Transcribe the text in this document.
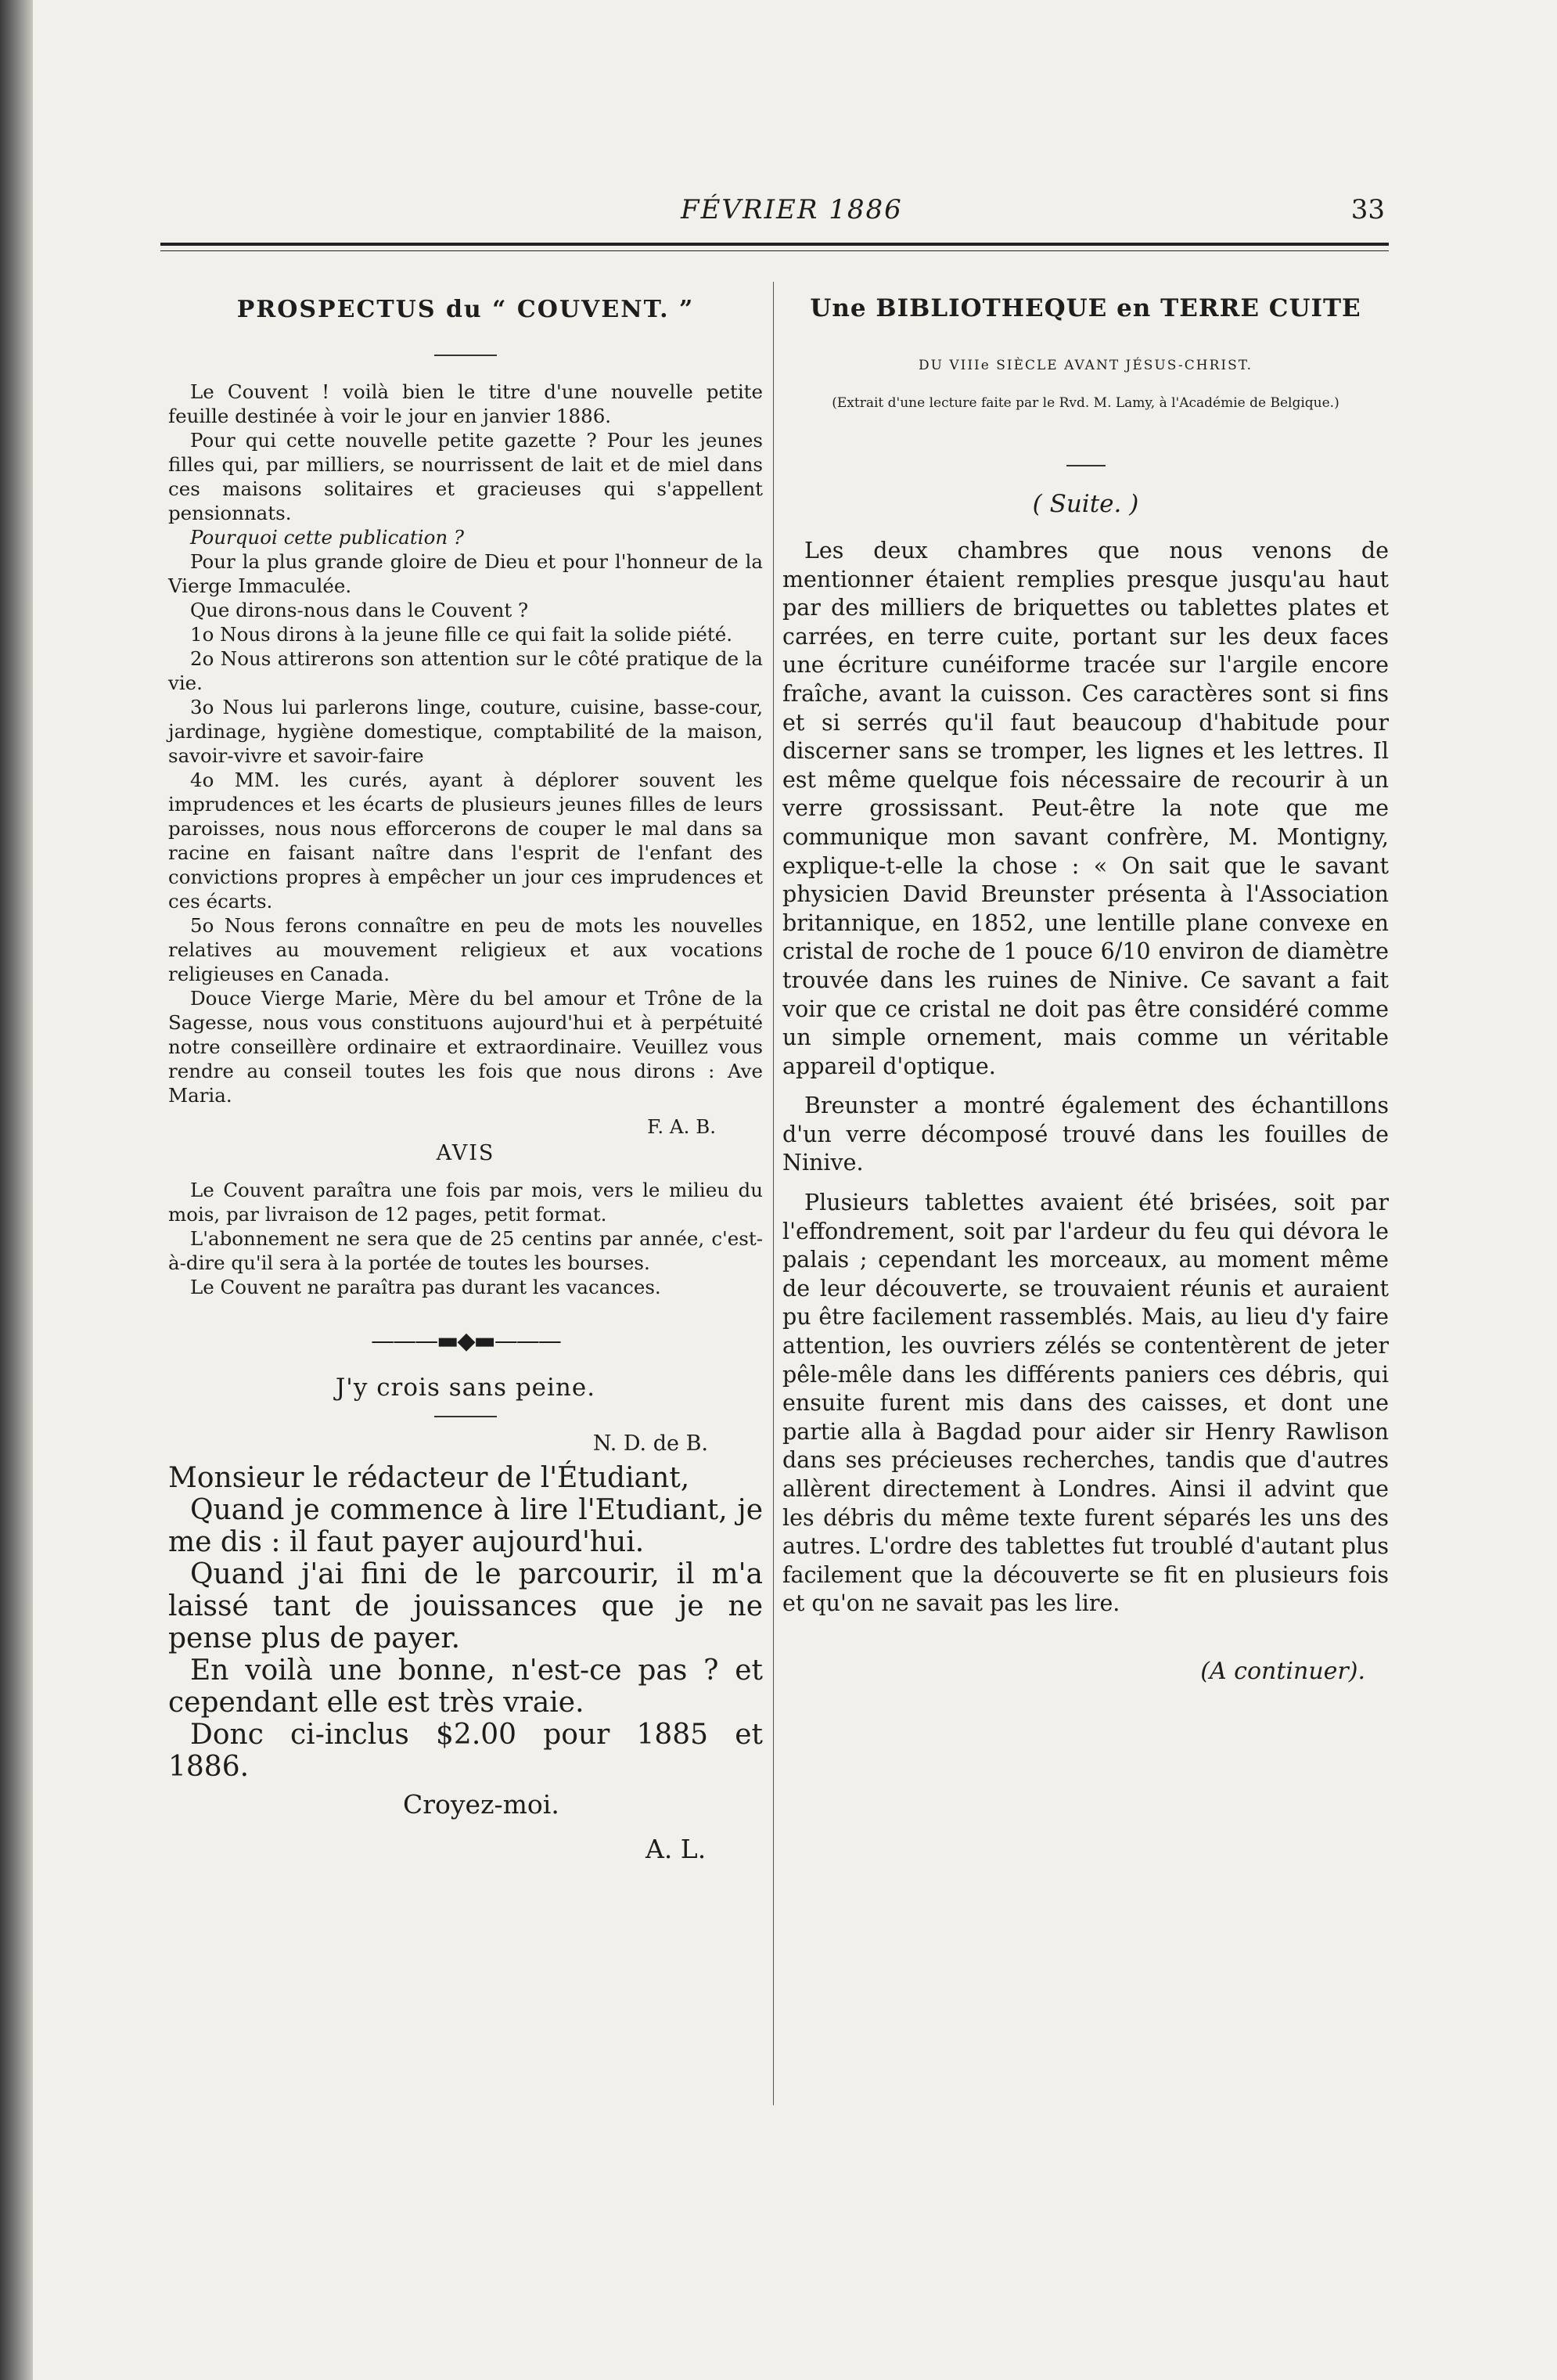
FÉVRIER 1886	33
PROSPECTUS du “ COUVENT. ”

Le Couvent ! voilà bien le titre d'une nouvelle petite feuille destinée à voir le jour en janvier 1886.

Pour qui cette nouvelle petite gazette ? Pour les jeunes filles qui, par milliers, se nourrissent de lait et de miel dans ces maisons solitaires et gracieuses qui s'appellent pensionnats.

Pourquoi cette publication ?

Pour la plus grande gloire de Dieu et pour l'honneur de la Vierge Immaculée.

Que dirons-nous dans le Couvent ?

1o Nous dirons à la jeune fille ce qui fait la solide piété.

2o Nous attirerons son attention sur le côté pratique de la vie.

3o Nous lui parlerons linge, couture, cuisine, basse-cour, jardinage, hygiène domestique, comptabilité de la maison, savoir-vivre et savoir-faire

4o MM. les curés, ayant à déplorer souvent les imprudences et les écarts de plusieurs jeunes filles de leurs paroisses, nous nous efforcerons de couper le mal dans sa racine en faisant naître dans l'esprit de l'enfant des convictions propres à empêcher un jour ces imprudences et ces écarts.

5o Nous ferons connaître en peu de mots les nouvelles relatives au mouvement religieux et aux vocations religieuses en Canada.

Douce Vierge Marie, Mère du bel amour et Trône de la Sagesse, nous vous constituons aujourd'hui et à perpétuité notre conseillère ordinaire et extraordinaire. Veuillez vous rendre au conseil toutes les fois que nous dirons : Ave Maria.

F. A. B.
AVIS

Le Couvent paraîtra une fois par mois, vers le milieu du mois, par livraison de 12 pages, petit format.

L'abonnement ne sera que de 25 centins par année, c'est-à-dire qu'il sera à la portée de toutes les bourses.

Le Couvent ne paraîtra pas durant les vacances.

———▬◆▬———
J'y crois sans peine.
N. D. de B.

Monsieur le rédacteur de l'Étudiant,

Quand je commence à lire l'Etudiant, je me dis : il faut payer aujourd'hui.

Quand j'ai fini de le parcourir, il m'a laissé tant de jouissances que je ne pense plus de payer.

En voilà une bonne, n'est-ce pas ? et cependant elle est très vraie.

Donc ci-inclus $2.00 pour 1885 et 1886.

Croyez-moi.
A. L.
Une BIBLIOTHEQUE en TERRE CUITE

DU VIIIe SIÈCLE AVANT JÉSUS-CHRIST.

(Extrait d'une lecture faite par le Rvd. M. Lamy, à l'Académie de Belgique.)

( Suite. )

Les deux chambres que nous venons de mentionner étaient remplies presque jusqu'au haut par des milliers de briquettes ou tablettes plates et carrées, en terre cuite, portant sur les deux faces une écriture cunéiforme tracée sur l'argile encore fraîche, avant la cuisson. Ces caractères sont si fins et si serrés qu'il faut beaucoup d'habitude pour discerner sans se tromper, les lignes et les lettres. Il est même quelque fois nécessaire de recourir à un verre grossissant. Peut-être la note que me communique mon savant confrère, M. Montigny, explique-t-elle la chose : « On sait que le savant physicien David Breunster présenta à l'Association britannique, en 1852, une lentille plane convexe en cristal de roche de 1 pouce 6/10 environ de diamètre trouvée dans les ruines de Ninive. Ce savant a fait voir que ce cristal ne doit pas être considéré comme un simple ornement, mais comme un véritable appareil d'optique.

Breunster a montré également des échantillons d'un verre décomposé trouvé dans les fouilles de Ninive.

Plusieurs tablettes avaient été brisées, soit par l'effondrement, soit par l'ardeur du feu qui dévora le palais ; cependant les morceaux, au moment même de leur découverte, se trouvaient réunis et auraient pu être facilement rassemblés. Mais, au lieu d'y faire attention, les ouvriers zélés se contentèrent de jeter pêle-mêle dans les différents paniers ces débris, qui ensuite furent mis dans des caisses, et dont une partie alla à Bagdad pour aider sir Henry Rawlison dans ses précieuses recherches, tandis que d'autres allèrent directement à Londres. Ainsi il advint que les débris du même texte furent séparés les uns des autres. L'ordre des tablettes fut troublé d'autant plus facilement que la découverte se fit en plusieurs fois et qu'on ne savait pas les lire.

(A continuer).
